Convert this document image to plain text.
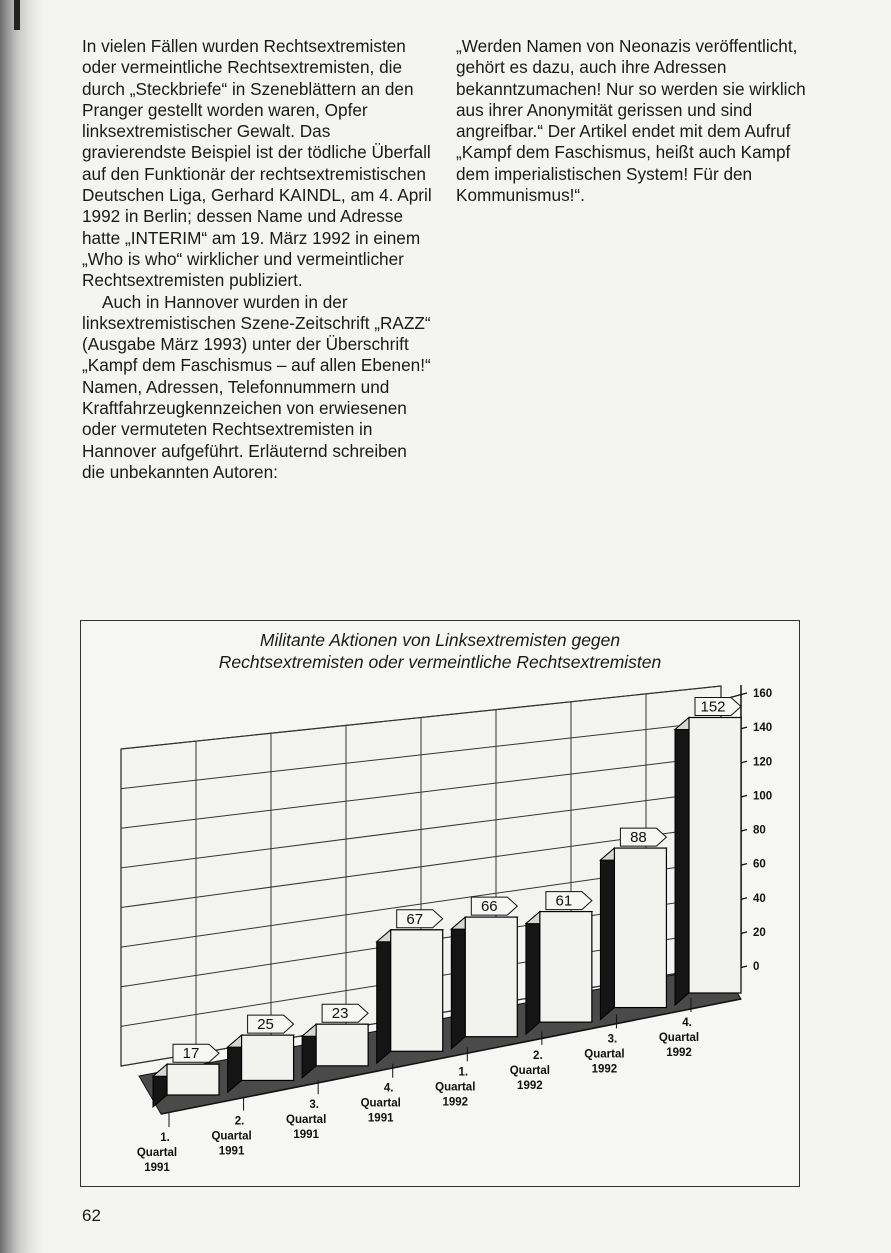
In vielen Fällen wurden Rechtsextremisten oder vermeintliche Rechtsextremisten, die durch „Steckbriefe“ in Szeneblättern an den Pranger gestellt worden waren, Opfer linksextremistischer Gewalt. Das gravierendste Beispiel ist der tödliche Überfall auf den Funktionär der rechtsextremistischen Deutschen Liga, Gerhard KAINDL, am 4. April 1992 in Berlin; dessen Name und Adresse hatte „INTERIM“ am 19. März 1992 in einem „Who is who“ wirklicher und vermeintlicher Rechtsextremisten publiziert.

Auch in Hannover wurden in der linksextremistischen Szene-Zeitschrift „RAZZ“ (Ausgabe März 1993) unter der Überschrift „Kampf dem Faschismus – auf allen Ebenen!“ Namen, Adressen, Telefonnummern und Kraftfahrzeugkennzeichen von erwiesenen oder vermuteten Rechtsextremisten in Hannover aufgeführt. Erläuternd schreiben die unbekannten Autoren:

„Werden Namen von Neonazis veröffentlicht, gehört es dazu, auch ihre Adressen bekanntzumachen! Nur so werden sie wirklich aus ihrer Anonymität gerissen und sind angreifbar.“ Der Artikel endet mit dem Aufruf „Kampf dem Faschismus, heißt auch Kampf dem imperialistischen System! Für den Kommunismus!“.

Militante Aktionen von Linksextremisten gegen
Rechtsextremisten oder vermeintliche Rechtsextremisten
0
20
40
60
80
100
120
140
160
17
1.
Quartal
1991
25
2.
Quartal
1991
23
3.
Quartal
1991
67
4.
Quartal
1991
66
1.
Quartal
1992
61
2.
Quartal
1992
88
3.
Quartal
1992
152
4.
Quartal
1992
62
